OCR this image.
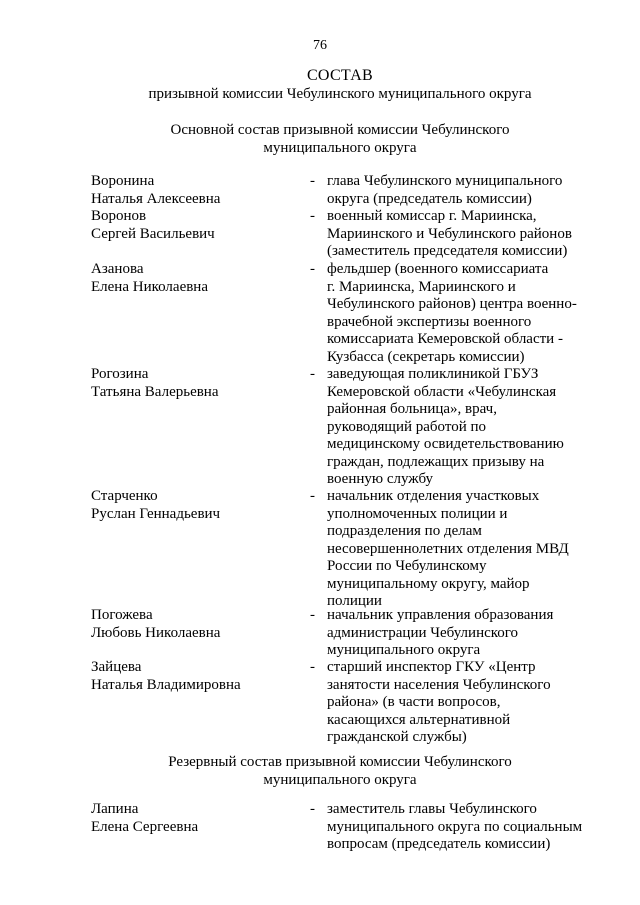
76
СОСТАВ
призывной комиссии Чебулинского муниципального округа
Основной состав призывной комиссии Чебулинского
муниципального округа
Воронина
Наталья Алексеевна
- глава Чебулинского муниципального
округа (председатель комиссии)
Воронов
Сергей Васильевич
- военный комиссар г. Мариинска,
Мариинского и Чебулинского районов
(заместитель председателя комиссии)
Азанова
Елена Николаевна
- фельдшер (военного комиссариата
г. Мариинска, Мариинского и
Чебулинского районов) центра военно-
врачебной экспертизы военного
комиссариата Кемеровской области -
Кузбасса (секретарь комиссии)
Рогозина
Татьяна Валерьевна
- заведующая поликлиникой ГБУЗ
Кемеровской области «Чебулинская
районная больница», врач,
руководящий работой по
медицинскому освидетельствованию
граждан, подлежащих призыву на
военную службу
Старченко
Руслан Геннадьевич
- начальник отделения участковых
уполномоченных полиции и
подразделения по делам
несовершеннолетних отделения МВД
России по Чебулинскому
муниципальному округу, майор
полиции
Погожева
Любовь Николаевна
- начальник управления образования
администрации Чебулинского
муниципального округа
Зайцева
Наталья Владимировна
- старший инспектор ГКУ «Центр
занятости населения Чебулинского
района» (в части вопросов,
касающихся альтернативной
гражданской службы)
Резервный состав призывной комиссии Чебулинского
муниципального округа
Лапина
Елена Сергеевна
- заместитель главы Чебулинского
муниципального округа по социальным
вопросам (председатель комиссии)
